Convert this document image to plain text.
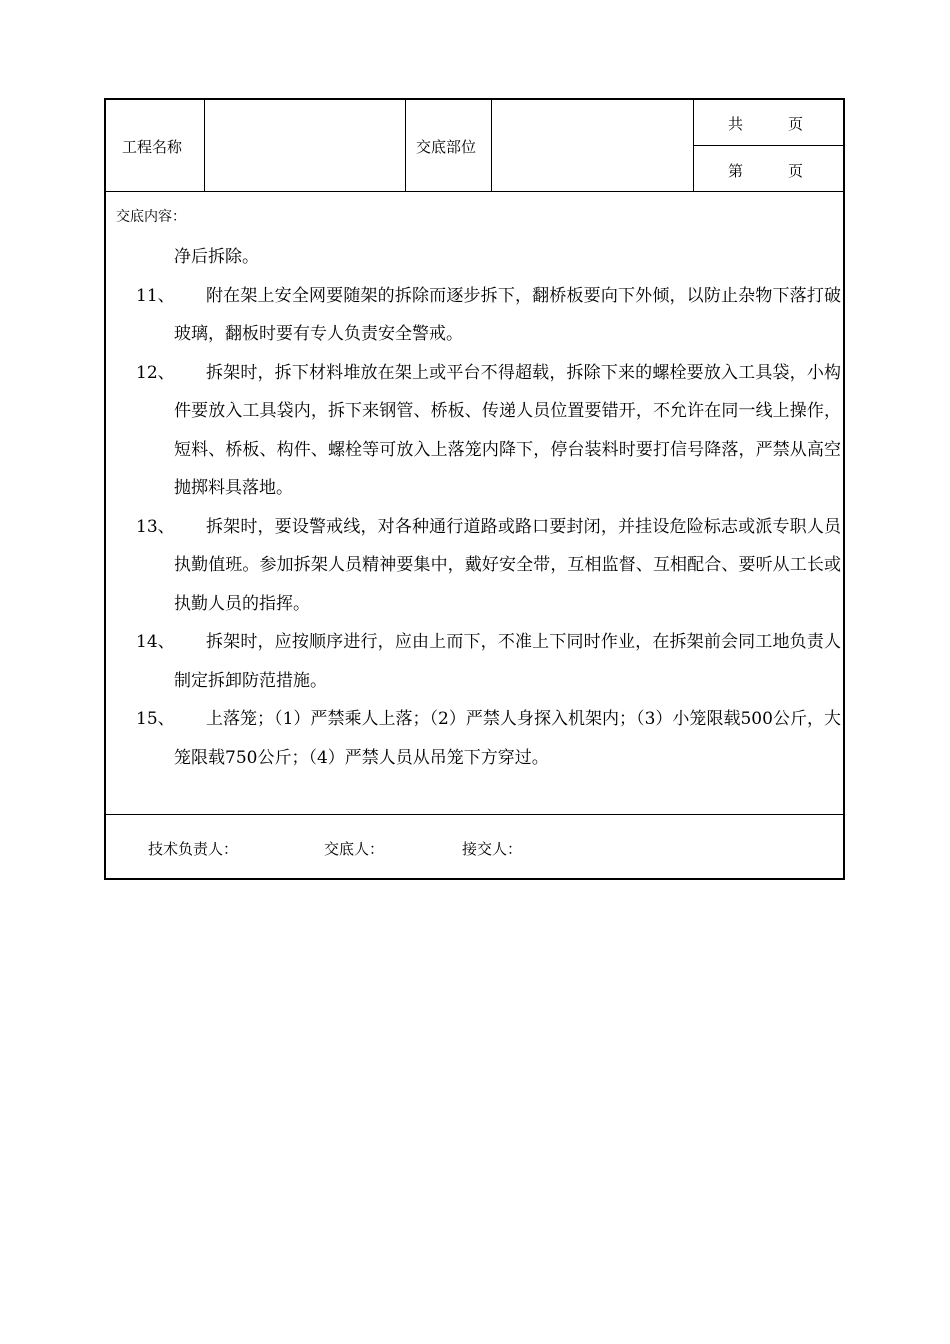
工程名称	交底部位
共　　　页
第　　　页
交底内容：
净后拆除。
11、	附在架上安全网要随架的拆除而逐步拆下，翻桥板要向下外倾，以防止杂物下落打破玻璃，翻板时要有专人负责安全警戒。
12、	拆架时，拆下材料堆放在架上或平台不得超载，拆除下来的螺栓要放入工具袋，小构件要放入工具袋内，拆下来钢管、桥板、传递人员位置要错开，不允许在同一线上操作，短料、桥板、构件、螺栓等可放入上落笼内降下，停台装料时要打信号降落，严禁从高空抛掷料具落地。
13、	拆架时，要设警戒线，对各种通行道路或路口要封闭，并挂设危险标志或派专职人员执勤值班。参加拆架人员精神要集中，戴好安全带，互相监督、互相配合、要听从工长或执勤人员的指挥。
14、	拆架时，应按顺序进行，应由上而下，不准上下同时作业，在拆架前会同工地负责人制定拆卸防范措施。
15、	上落笼；（1）严禁乘人上落；（2）严禁人身探入机架内；（3）小笼限载500公斤，大笼限载750公斤；（4）严禁人员从吊笼下方穿过。
技术负责人：	交底人：	接交人：
